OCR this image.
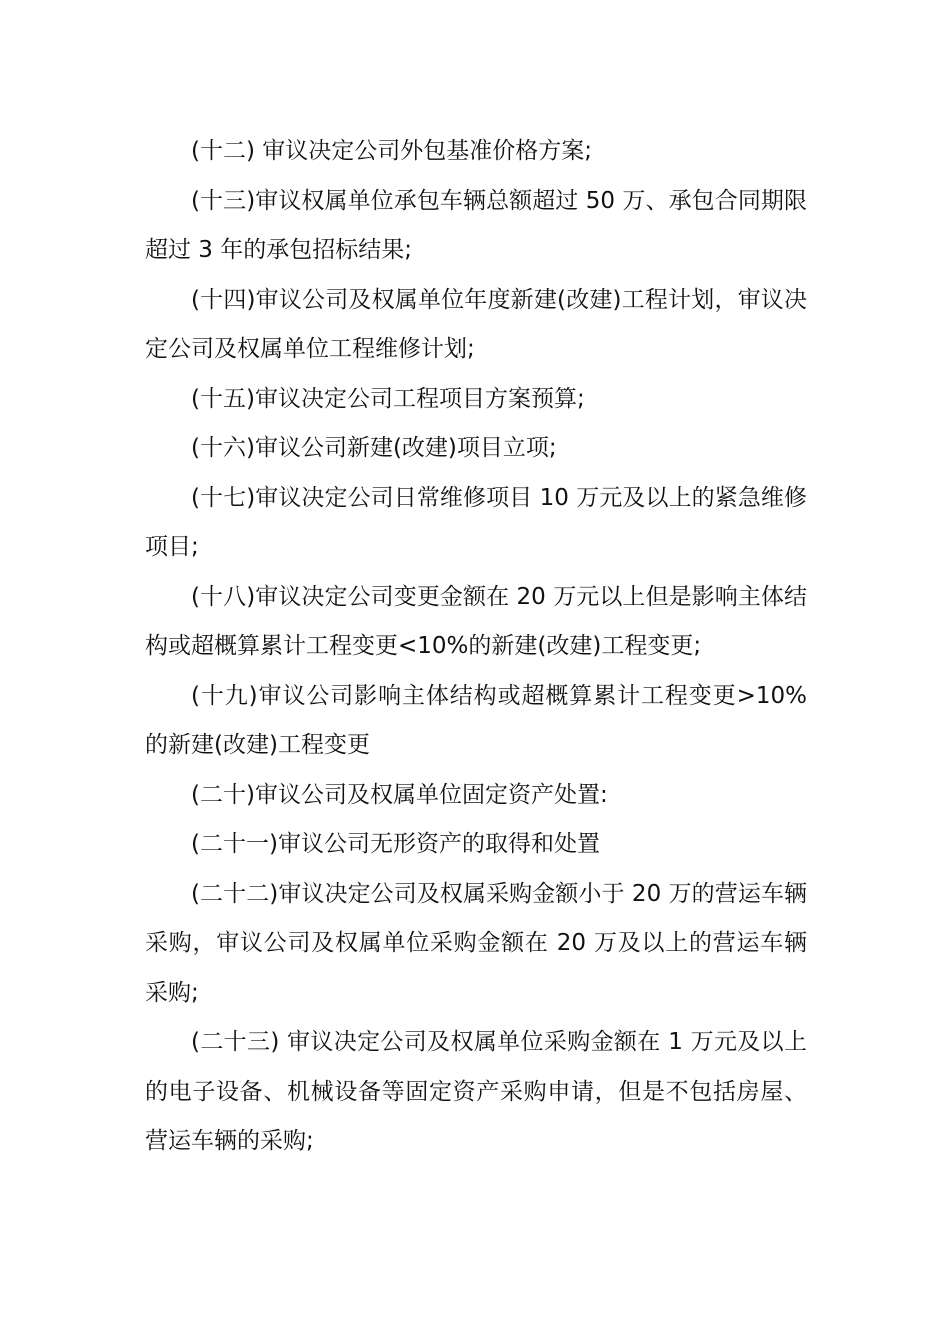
(十二) 审议决定公司外包基准价格方案;

(十三)审议权属单位承包车辆总额超过 50 万、承包合同期限超过 3 年的承包招标结果;

(十四)审议公司及权属单位年度新建(改建)工程计划，审议决定公司及权属单位工程维修计划;

(十五)审议决定公司工程项目方案预算;

(十六)审议公司新建(改建)项目立项;

(十七)审议决定公司日常维修项目 10 万元及以上的紧急维修项目;

(十八)审议决定公司变更金额在 20 万元以上但是影响主体结构或超概算累计工程变更<10%的新建(改建)工程变更;

(十九)审议公司影响主体结构或超概算累计工程变更>10%的新建(改建)工程变更

(二十)审议公司及权属单位固定资产处置:

(二十一)审议公司无形资产的取得和处置

(二十二)审议决定公司及权属采购金额小于 20 万的营运车辆采购，审议公司及权属单位采购金额在 20 万及以上的营运车辆采购;

(二十三) 审议决定公司及权属单位采购金额在 1 万元及以上的电子设备、机械设备等固定资产采购申请，但是不包括房屋、营运车辆的采购;
